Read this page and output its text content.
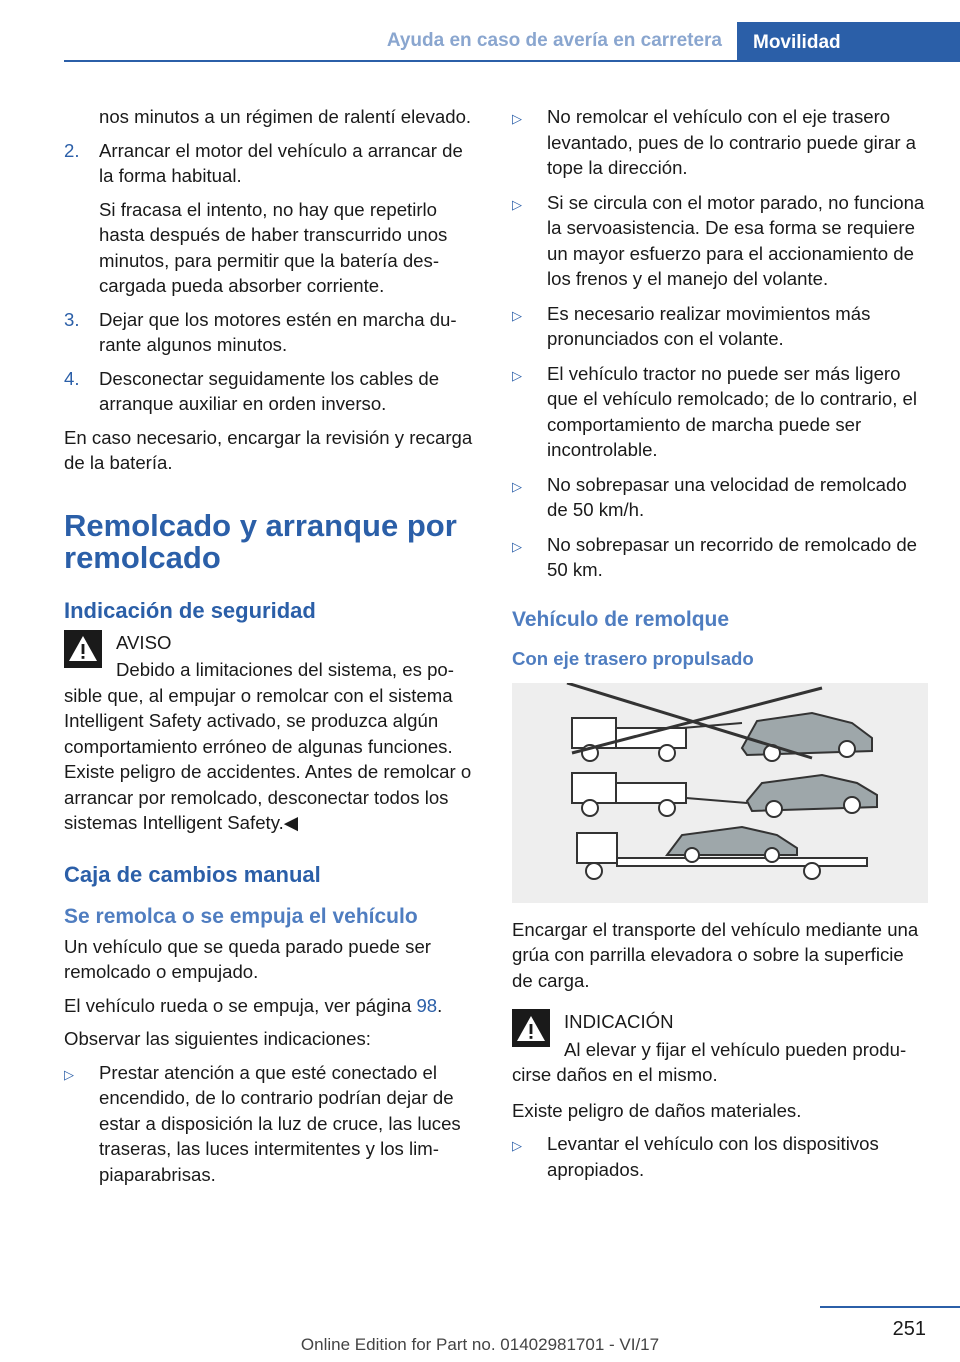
Ayuda en caso de avería en carretera	Movilidad

nos minutos a un régimen de ralentí elevado.

2.	Arrancar el motor del vehículo a arrancar de la forma habitual.

Si fracasa el intento, no hay que repetirlo hasta después de haber transcurrido unos minutos, para permitir que la batería descargada pueda absorber corriente.

3.	Dejar que los motores estén en marcha durante algunos minutos.

4.	Desconectar seguidamente los cables de arranque auxiliar en orden inverso.

En caso necesario, encargar la revisión y recarga de la batería.

Remolcado y arranque por remolcado
Indicación de seguridad

AVISO

Debido a limitaciones del sistema, es posible que, al empujar o remolcar con el sistema Intelligent Safety activado, se produzca algún comportamiento erróneo de algunas funciones. Existe peligro de accidentes. Antes de remolcar o arrancar por remolcado, desconectar todos los sistemas Intelligent Safety.◀

Caja de cambios manual
Se remolca o se empuja el vehículo

Un vehículo que se queda parado puede ser remolcado o empujado.

El vehículo rueda o se empuja, ver página 98.

Observar las siguientes indicaciones:

▷	Prestar atención a que esté conectado el encendido, de lo contrario podrían dejar de estar a disposición la luz de cruce, las luces traseras, las luces intermitentes y los limpiaparabrisas.
▷	No remolcar el vehículo con el eje trasero levantado, pues de lo contrario puede girar a tope la dirección.
▷	Si se circula con el motor parado, no funciona la servoasistencia. De esa forma se requiere un mayor esfuerzo para el accionamiento de los frenos y el manejo del volante.
▷	Es necesario realizar movimientos más pronunciados con el volante.
▷	El vehículo tractor no puede ser más ligero que el vehículo remolcado; de lo contrario, el comportamiento de marcha puede ser incontrolable.
▷	No sobrepasar una velocidad de remolcado de 50 km/h.
▷	No sobrepasar un recorrido de remolcado de 50 km.
Vehículo de remolque
Con eje trasero propulsado

Encargar el transporte del vehículo mediante una grúa con parrilla elevadora o sobre la superficie de carga.

INDICACIÓN

Al elevar y fijar el vehículo pueden producirse daños en el mismo.

Existe peligro de daños materiales.

▷	Levantar el vehículo con los dispositivos apropiados.
251
Online Edition for Part no. 01402981701 - VI/17
